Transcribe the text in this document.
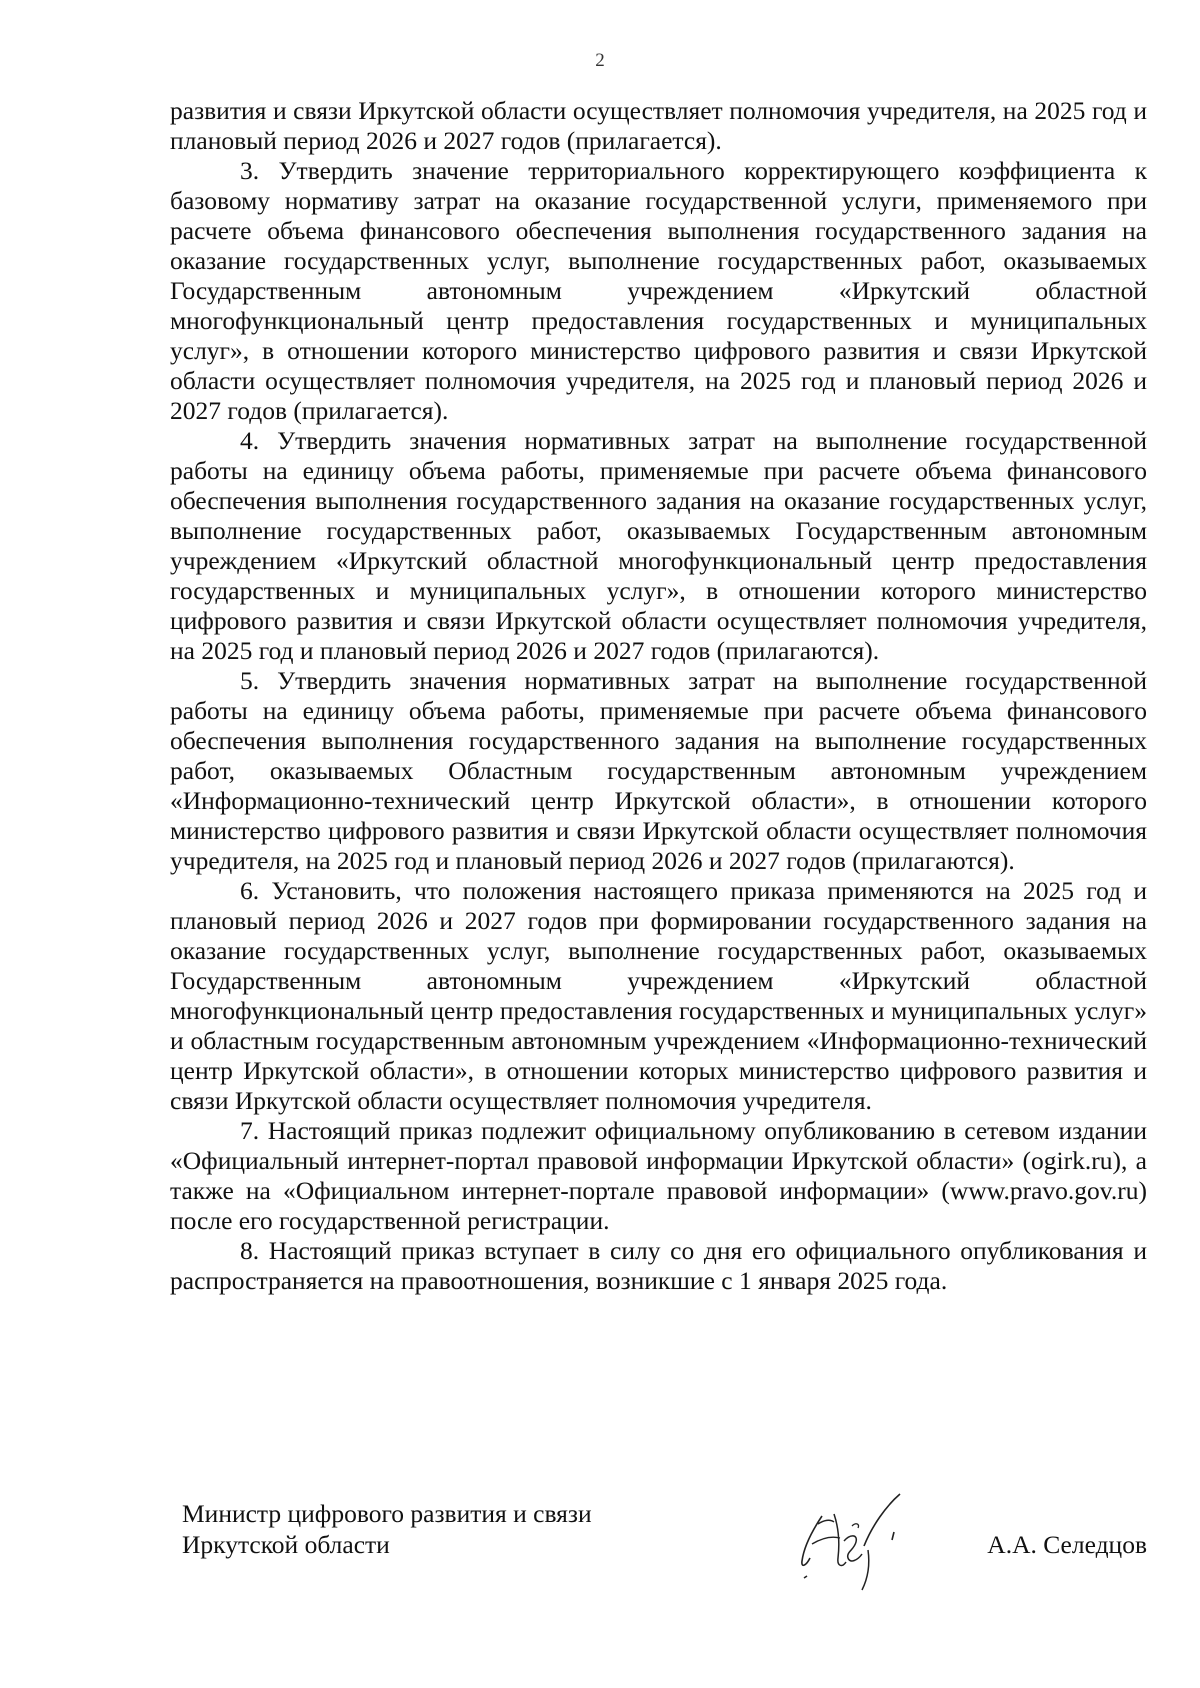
2

развития и связи Иркутской области осуществляет полномочия учредителя, на 2025 год и плановый период 2026 и 2027 годов (прилагается).

3. Утвердить значение территориального корректирующего коэффициента к базовому нормативу затрат на оказание государственной услуги, применяемого при расчете объема финансового обеспечения выполнения государственного задания на оказание государственных услуг, выполнение государственных работ, оказываемых Государственным автономным учреждением «Иркутский областной многофункциональный центр предоставления государственных и муниципальных услуг», в отношении которого министерство цифрового развития и связи Иркутской области осуществляет полномочия учредителя, на 2025 год и плановый период 2026 и 2027 годов (прилагается).

4. Утвердить значения нормативных затрат на выполнение государственной работы на единицу объема работы, применяемые при расчете объема финансового обеспечения выполнения государственного задания на оказание государственных услуг, выполнение государственных работ, оказываемых Государственным автономным учреждением «Иркутский областной многофункциональный центр предоставления государственных и муниципальных услуг», в отношении которого министерство цифрового развития и связи Иркутской области осуществляет полномочия учредителя, на 2025 год и плановый период 2026 и 2027 годов (прилагаются).

5. Утвердить значения нормативных затрат на выполнение государственной работы на единицу объема работы, применяемые при расчете объема финансового обеспечения выполнения государственного задания на выполнение государственных работ, оказываемых Областным государственным автономным учреждением «Информационно-технический центр Иркутской области», в отношении которого министерство цифрового развития и связи Иркутской области осуществляет полномочия учредителя, на 2025 год и плановый период 2026 и 2027 годов (прилагаются).

6. Установить, что положения настоящего приказа применяются на 2025 год и плановый период 2026 и 2027 годов при формировании государственного задания на оказание государственных услуг, выполнение государственных работ, оказываемых Государственным автономным учреждением «Иркутский областной многофункциональный центр предоставления государственных и муниципальных услуг» и областным государственным автономным учреждением «Информационно-технический центр Иркутской области», в отношении которых министерство цифрового развития и связи Иркутской области осуществляет полномочия учредителя.

7. Настоящий приказ подлежит официальному опубликованию в сетевом издании «Официальный интернет-портал правовой информации Иркутской области» (ogirk.ru), а также на «Официальном интернет-портале правовой информации» (www.pravo.gov.ru) после его государственной регистрации.

8. Настоящий приказ вступает в силу со дня его официального опубликования и распространяется на правоотношения, возникшие с 1 января 2025 года.

Министр цифрового развития и связи
Иркутской области	А.А. Селедцов
